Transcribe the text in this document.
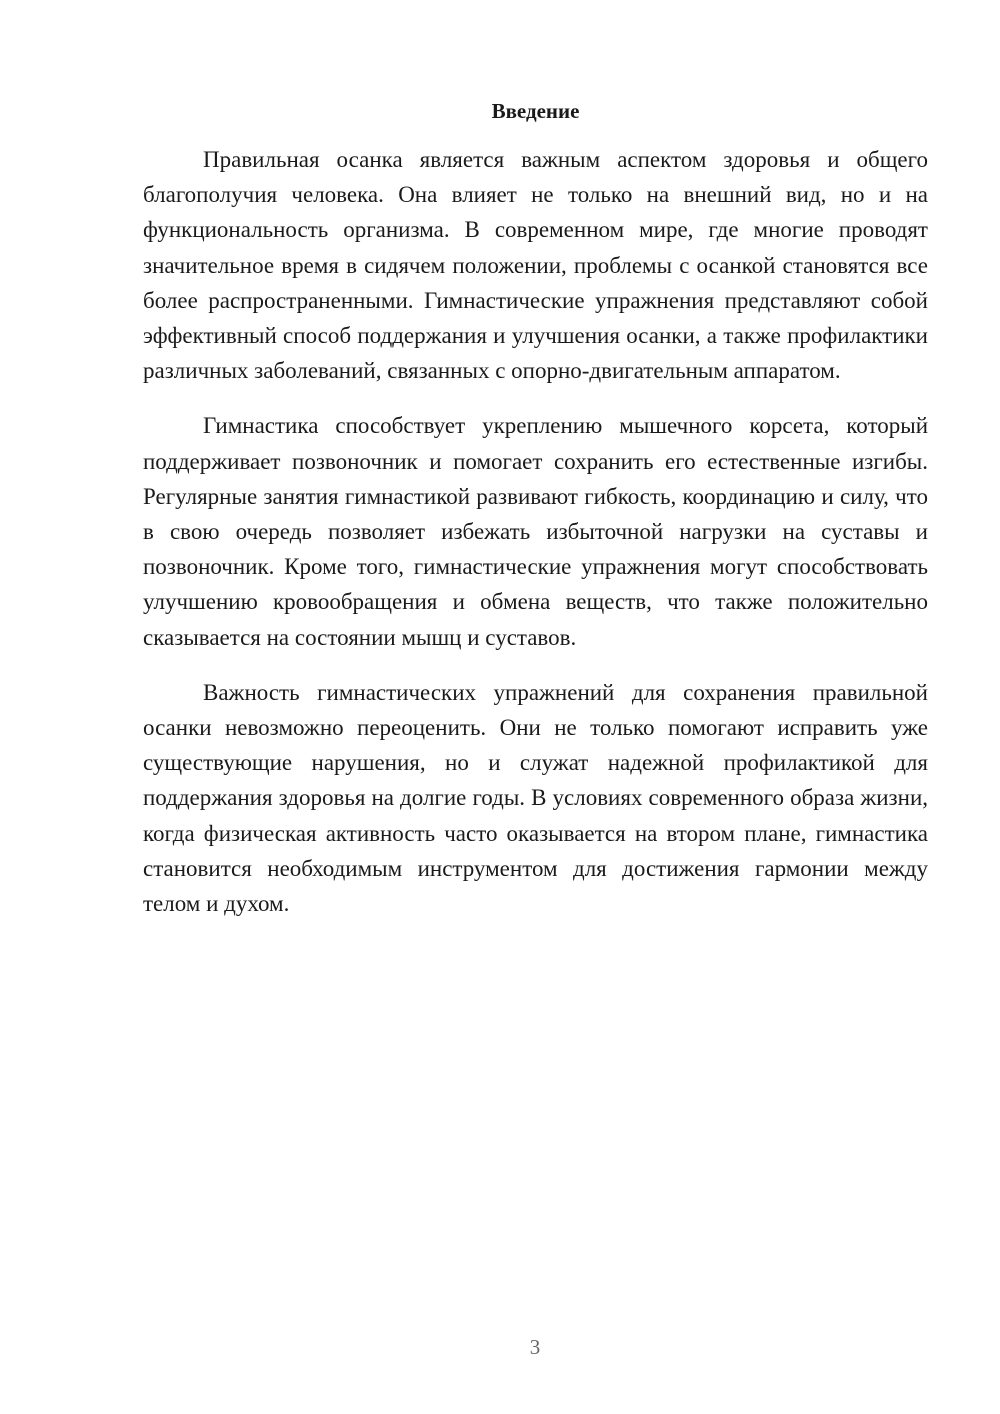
Введение

Правильная осанка является важным аспектом здоровья и общего благополучия человека. Она влияет не только на внешний вид, но и на функциональность организма. В современном мире, где многие проводят значительное время в сидячем положении, проблемы с осанкой становятся все более распространенными. Гимнастические упражнения представляют собой эффективный способ поддержания и улучшения осанки, а также профилактики различных заболеваний, связанных с опорно-двигательным аппаратом.

Гимнастика способствует укреплению мышечного корсета, который поддерживает позвоночник и помогает сохранить его естественные изгибы. Регулярные занятия гимнастикой развивают гибкость, координацию и силу, что в свою очередь позволяет избежать избыточной нагрузки на суставы и позвоночник. Кроме того, гимнастические упражнения могут способствовать улучшению кровообращения и обмена веществ, что также положительно сказывается на состоянии мышц и суставов.

Важность гимнастических упражнений для сохранения правильной осанки невозможно переоценить. Они не только помогают исправить уже существующие нарушения, но и служат надежной профилактикой для поддержания здоровья на долгие годы. В условиях современного образа жизни, когда физическая активность часто оказывается на втором плане, гимнастика становится необходимым инструментом для достижения гармонии между телом и духом.

3
